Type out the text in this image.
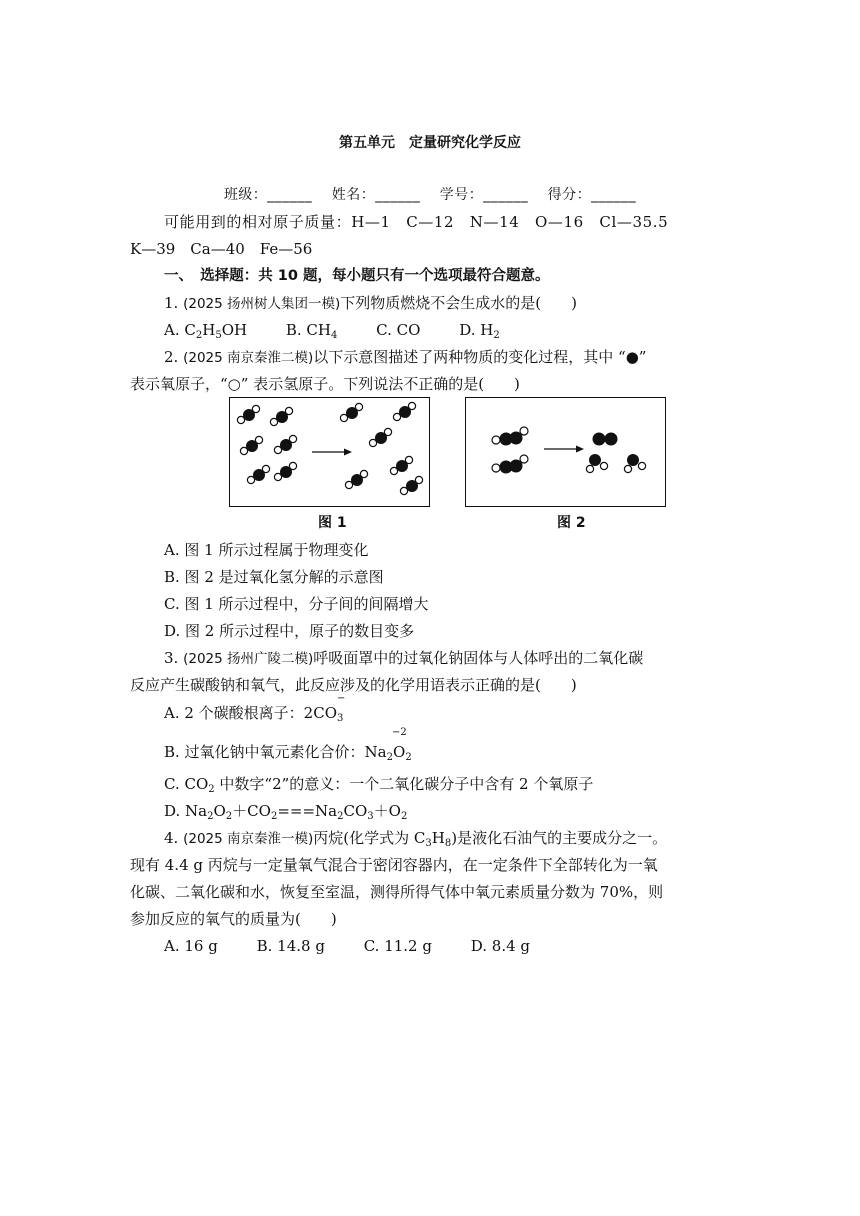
第五单元　定量研究化学反应
班级：______　 姓名：______　 学号：______　 得分：______
可能用到的相对原子质量：H—1　C—12　N—14　O—16　Cl—35.5
K—39　Ca—40　Fe—56
一、　选择题：共 10 题，每小题只有一个选项最符合题意。
1. (2025 扬州树人集团一模)下列物质燃烧不会生成水的是(　　)
A. $C_2H_5OH$	B. $CH_4$	C. CO	D. $H_2$
2. (2025 南京秦淮二模)以下示意图描述了两种物质的变化过程，其中 “●”
表示氧原子，“○” 表示氢原子。下列说法不正确的是(　　)
图 1	图 2
A. 图 1 所示过程属于物理变化
B. 图 2 是过氧化氢分解的示意图
C. 图 1 所示过程中，分子间的间隔增大
D. 图 2 所示过程中，原子的数目变多
3. (2025 扬州广陵二模)呼吸面罩中的过氧化钠固体与人体呼出的二氧化碳
反应产生碳酸钠和氧气，此反应涉及的化学用语表示正确的是(　　)
A. 2 个碳酸根离子：$2CO_3$
−
B. 过氧化钠中氧元素化合价：$Na_2O$
−2
$_2$
C. $CO_2$ 中数字“2”的意义：一个二氧化碳分子中含有 2 个氧原子
D. $Na_2O_2+CO_2===Na_2CO_3+O_2$
4. (2025 南京秦淮一模)丙烷(化学式为 $C_3H_8$)是液化石油气的主要成分之一。
现有 4.4 g 丙烷与一定量氧气混合于密闭容器内，在一定条件下全部转化为一氧
化碳、二氧化碳和水，恢复至室温，测得所得气体中氧元素质量分数为 70%，则
参加反应的氧气的质量为(　　)
A. 16 g	B. 14.8 g	C. 11.2 g	D. 8.4 g
